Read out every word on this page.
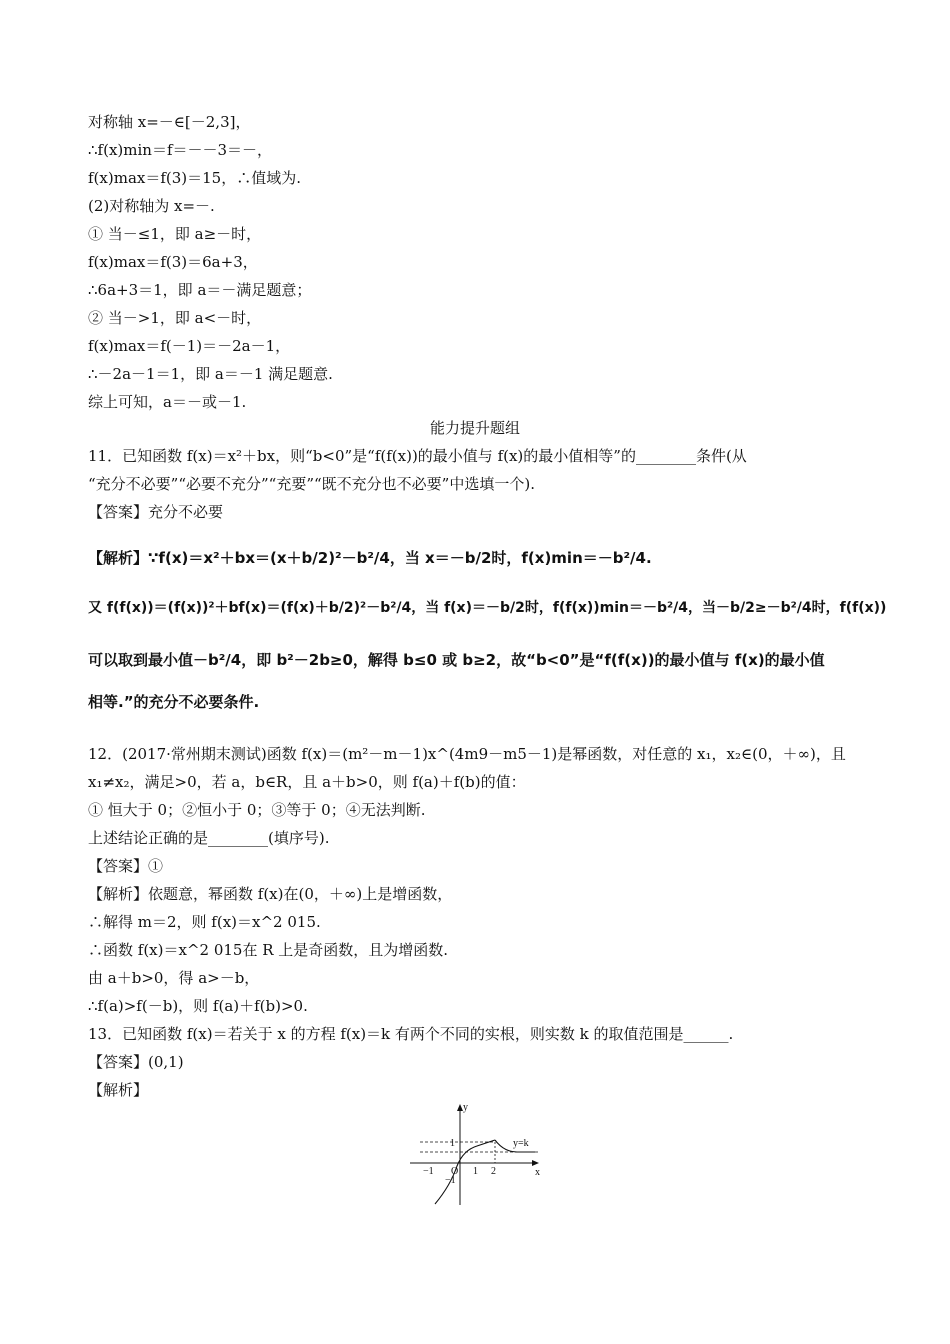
对称轴 x=－∈[－2,3]，
∴f(x)min＝f＝－－3＝－，
f(x)max＝f(3)＝15，∴值域为.
(2)对称轴为 x=－.
① 当－≤1，即 a≥－时，
f(x)max＝f(3)＝6a+3，
∴6a+3＝1，即 a＝－满足题意；
② 当－>1，即 a<－时，
f(x)max＝f(－1)＝－2a－1，
∴－2a－1＝1，即 a＝－1 满足题意.
综上可知，a＝－或－1.
能力提升题组
11．已知函数 f(x)＝x²＋bx，则“b<0”是“f(f(x))的最小值与 f(x)的最小值相等”的________条件(从
“充分不必要”“必要不充分”“充要”“既不充分也不必要”中选填一个).
【答案】充分不必要
【解析】∵f(x)＝x²＋bx＝(x＋b/2)²－b²/4，当 x＝－b/2时，f(x)min＝－b²/4.
又 f(f(x))＝(f(x))²＋bf(x)＝(f(x)＋b/2)²－b²/4，当 f(x)＝－b/2时，f(f(x))min＝－b²/4，当－b/2≥－b²/4时，f(f(x))
可以取到最小值－b²/4，即 b²－2b≥0，解得 b≤0 或 b≥2，故“b<0”是“f(f(x))的最小值与 f(x)的最小值
相等.”的充分不必要条件.
12．(2017·常州期末测试)函数 f(x)＝(m²－m－1)x^(4m9－m5－1)是幂函数，对任意的 x₁，x₂∈(0，＋∞)，且
x₁≠x₂，满足>0，若 a，b∈R，且 a＋b>0，则 f(a)＋f(b)的值：
① 恒大于 0；②恒小于 0；③等于 0；④无法判断.
上述结论正确的是________(填序号).
【答案】①
【解析】依题意，幂函数 f(x)在(0，＋∞)上是增函数，
∴解得 m＝2，则 f(x)＝x^2 015.
∴函数 f(x)＝x^2 015在 R 上是奇函数，且为增函数.
由 a＋b>0，得 a>－b，
∴f(a)>f(－b)，则 f(a)＋f(b)>0.
13．已知函数 f(x)＝若关于 x 的方程 f(x)＝k 有两个不同的实根，则实数 k 的取值范围是______.
【答案】(0,1)
【解析】
y
x
O
1
1 2
−1
−1
y=k
